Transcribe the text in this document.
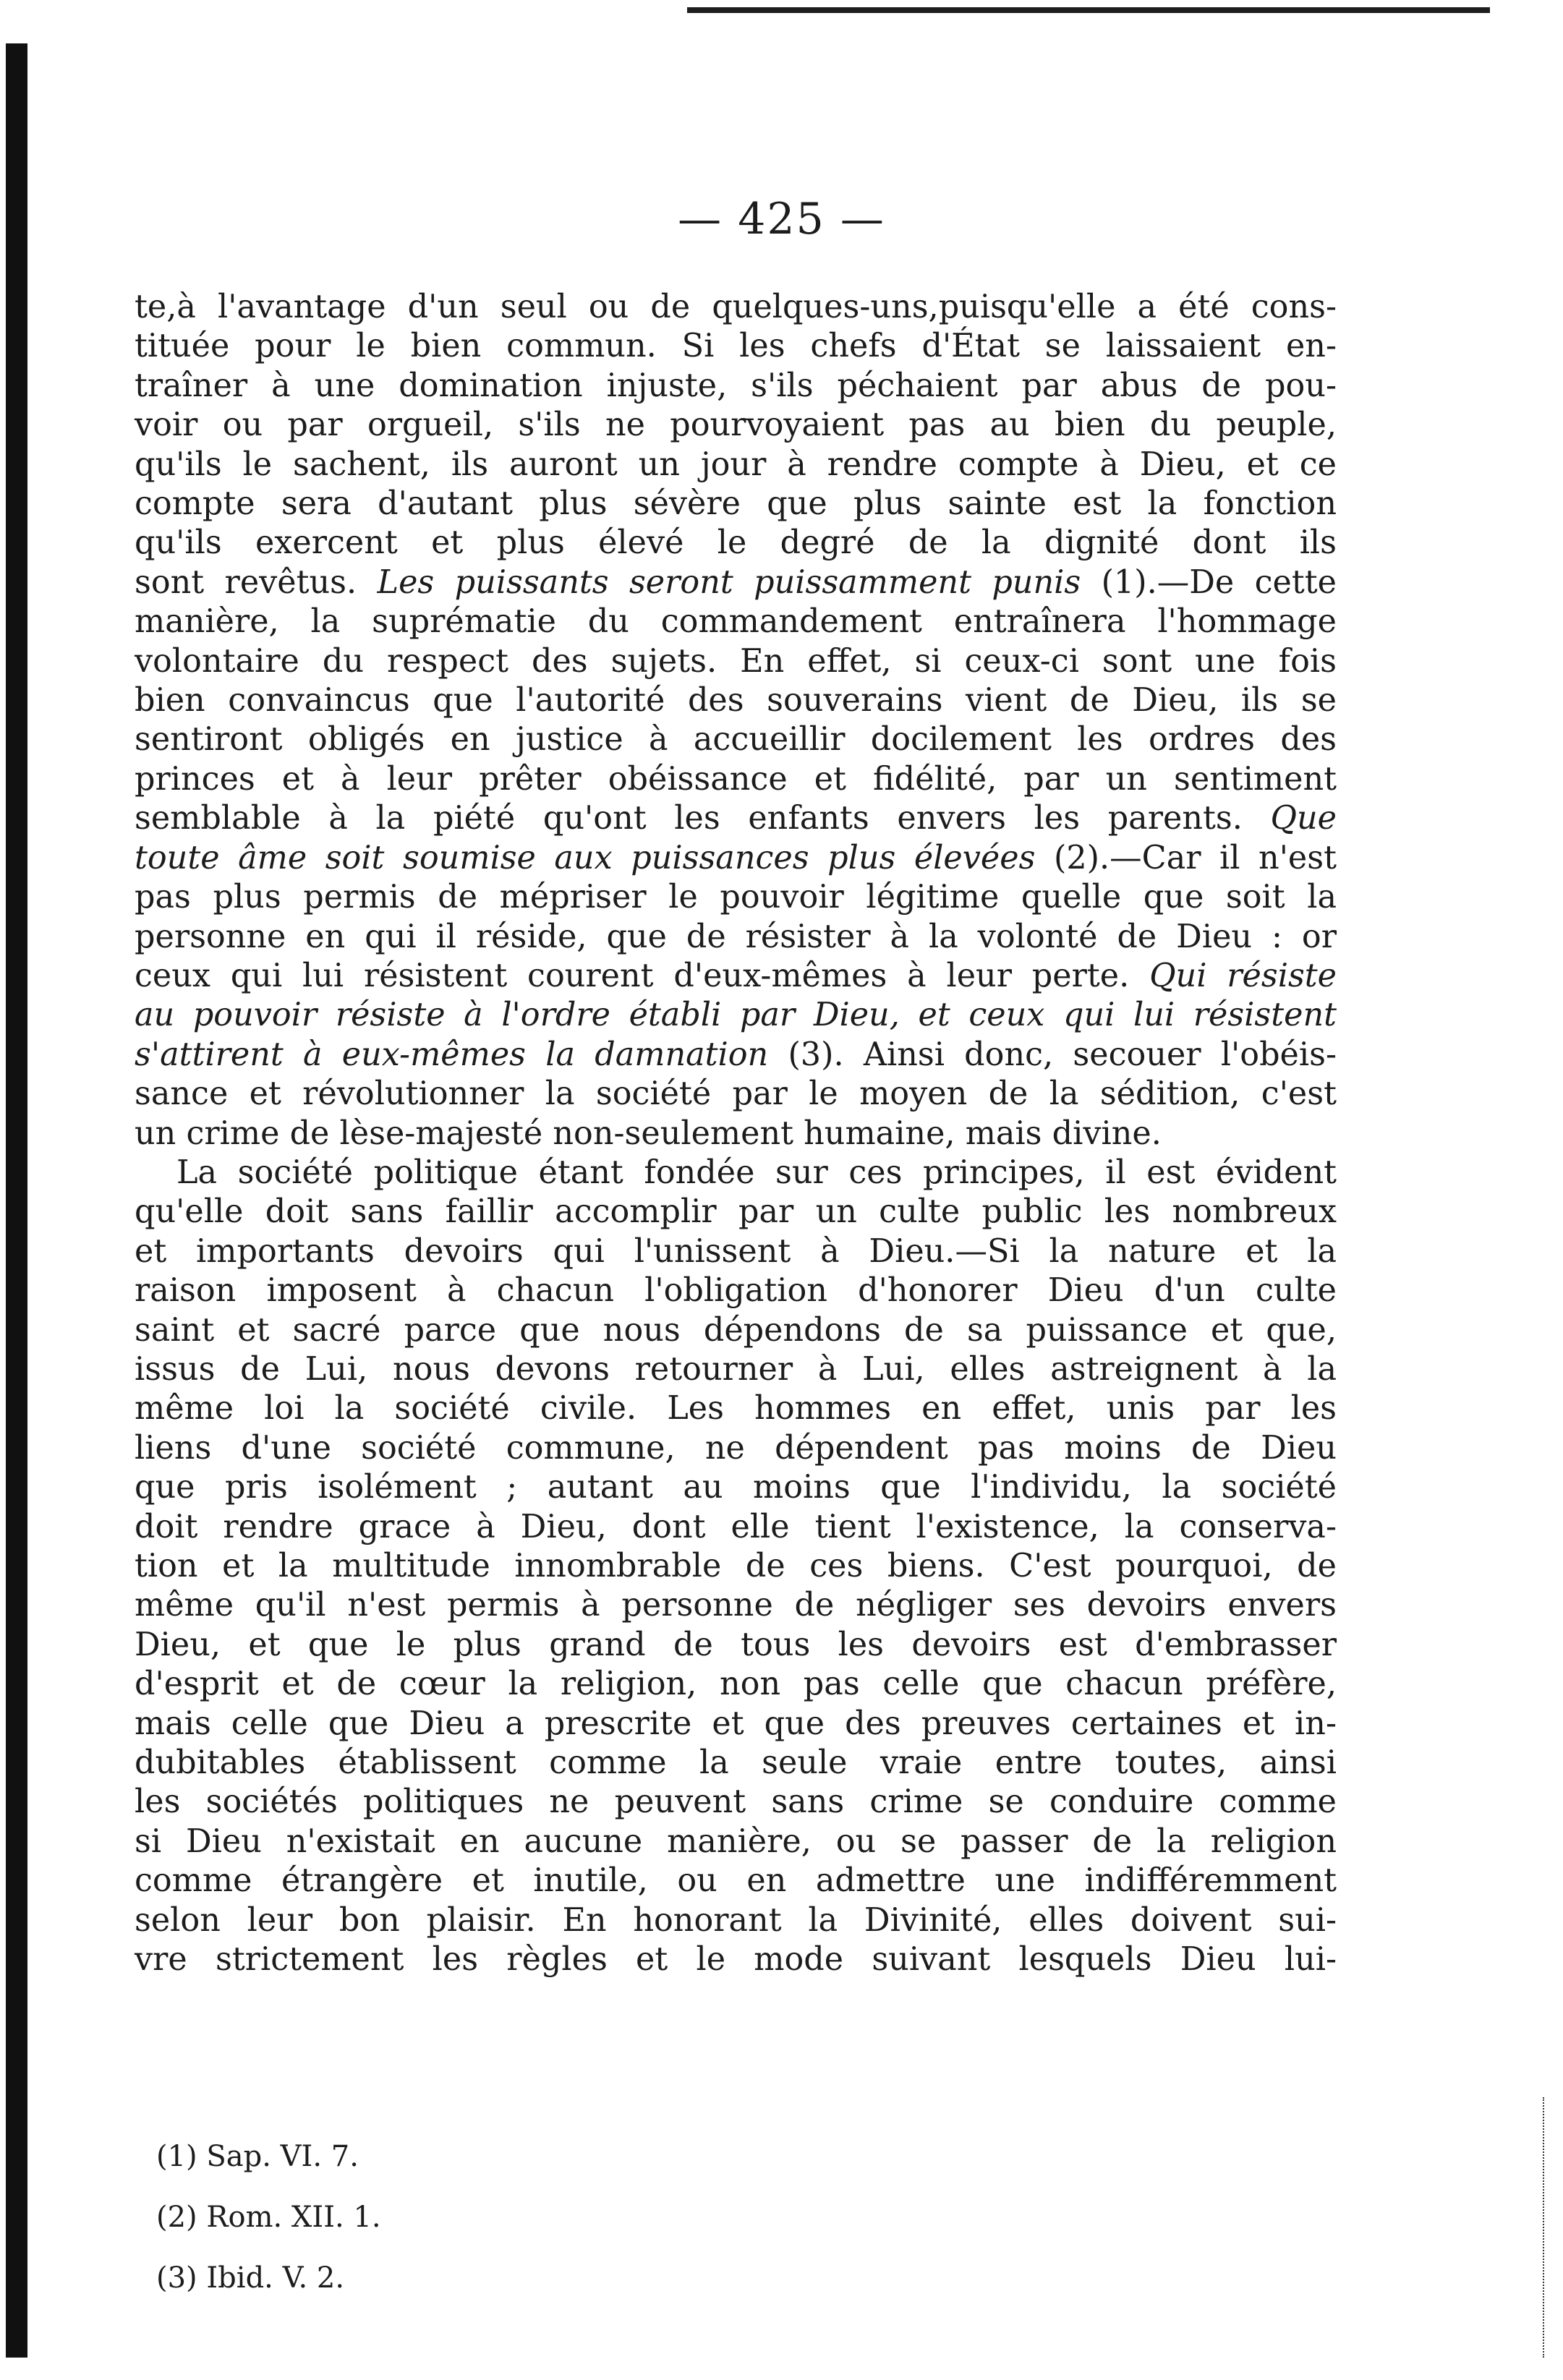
— 425 —
te,à l'avantage d'un seul ou de quelques-uns,puisqu'elle a été cons-
tituée pour le bien commun. Si les chefs d'État se laissaient en-
traîner à une domination injuste, s'ils péchaient par abus de pou-
voir ou par orgueil, s'ils ne pourvoyaient pas au bien du peuple,
qu'ils le sachent, ils auront un jour à rendre compte à Dieu, et ce
compte sera d'autant plus sévère que plus sainte est la fonction
qu'ils exercent et plus élevé le degré de la dignité dont ils
sont revêtus. Les puissants seront puissamment punis (1).—De cette
manière, la suprématie du commandement entraînera l'hommage
volontaire du respect des sujets. En effet, si ceux-ci sont une fois
bien convaincus que l'autorité des souverains vient de Dieu, ils se
sentiront obligés en justice à accueillir docilement les ordres des
princes et à leur prêter obéissance et fidélité, par un sentiment
semblable à la piété qu'ont les enfants envers les parents. Que
toute âme soit soumise aux puissances plus élevées (2).—Car il n'est
pas plus permis de mépriser le pouvoir légitime quelle que soit la
personne en qui il réside, que de résister à la volonté de Dieu : or
ceux qui lui résistent courent d'eux-mêmes à leur perte. Qui résiste
au pouvoir résiste à l'ordre établi par Dieu, et ceux qui lui résistent
s'attirent à eux-mêmes la damnation (3). Ainsi donc, secouer l'obéis-
sance et révolutionner la société par le moyen de la sédition, c'est
un crime de lèse-majesté non-seulement humaine, mais divine.
La société politique étant fondée sur ces principes, il est évident
qu'elle doit sans faillir accomplir par un culte public les nombreux
et importants devoirs qui l'unissent à Dieu.—Si la nature et la
raison imposent à chacun l'obligation d'honorer Dieu d'un culte
saint et sacré parce que nous dépendons de sa puissance et que,
issus de Lui, nous devons retourner à Lui, elles astreignent à la
même loi la société civile. Les hommes en effet, unis par les
liens d'une société commune, ne dépendent pas moins de Dieu
que pris isolément ; autant au moins que l'individu, la société
doit rendre grace à Dieu, dont elle tient l'existence, la conserva-
tion et la multitude innombrable de ces biens. C'est pourquoi, de
même qu'il n'est permis à personne de négliger ses devoirs envers
Dieu, et que le plus grand de tous les devoirs est d'embrasser
d'esprit et de cœur la religion, non pas celle que chacun préfère,
mais celle que Dieu a prescrite et que des preuves certaines et in-
dubitables établissent comme la seule vraie entre toutes, ainsi
les sociétés politiques ne peuvent sans crime se conduire comme
si Dieu n'existait en aucune manière, ou se passer de la religion
comme étrangère et inutile, ou en admettre une indifféremment
selon leur bon plaisir. En honorant la Divinité, elles doivent sui-
vre strictement les règles et le mode suivant lesquels Dieu lui-
(1) Sap. VI. 7.
(2) Rom. XII. 1.
(3) Ibid. V. 2.
